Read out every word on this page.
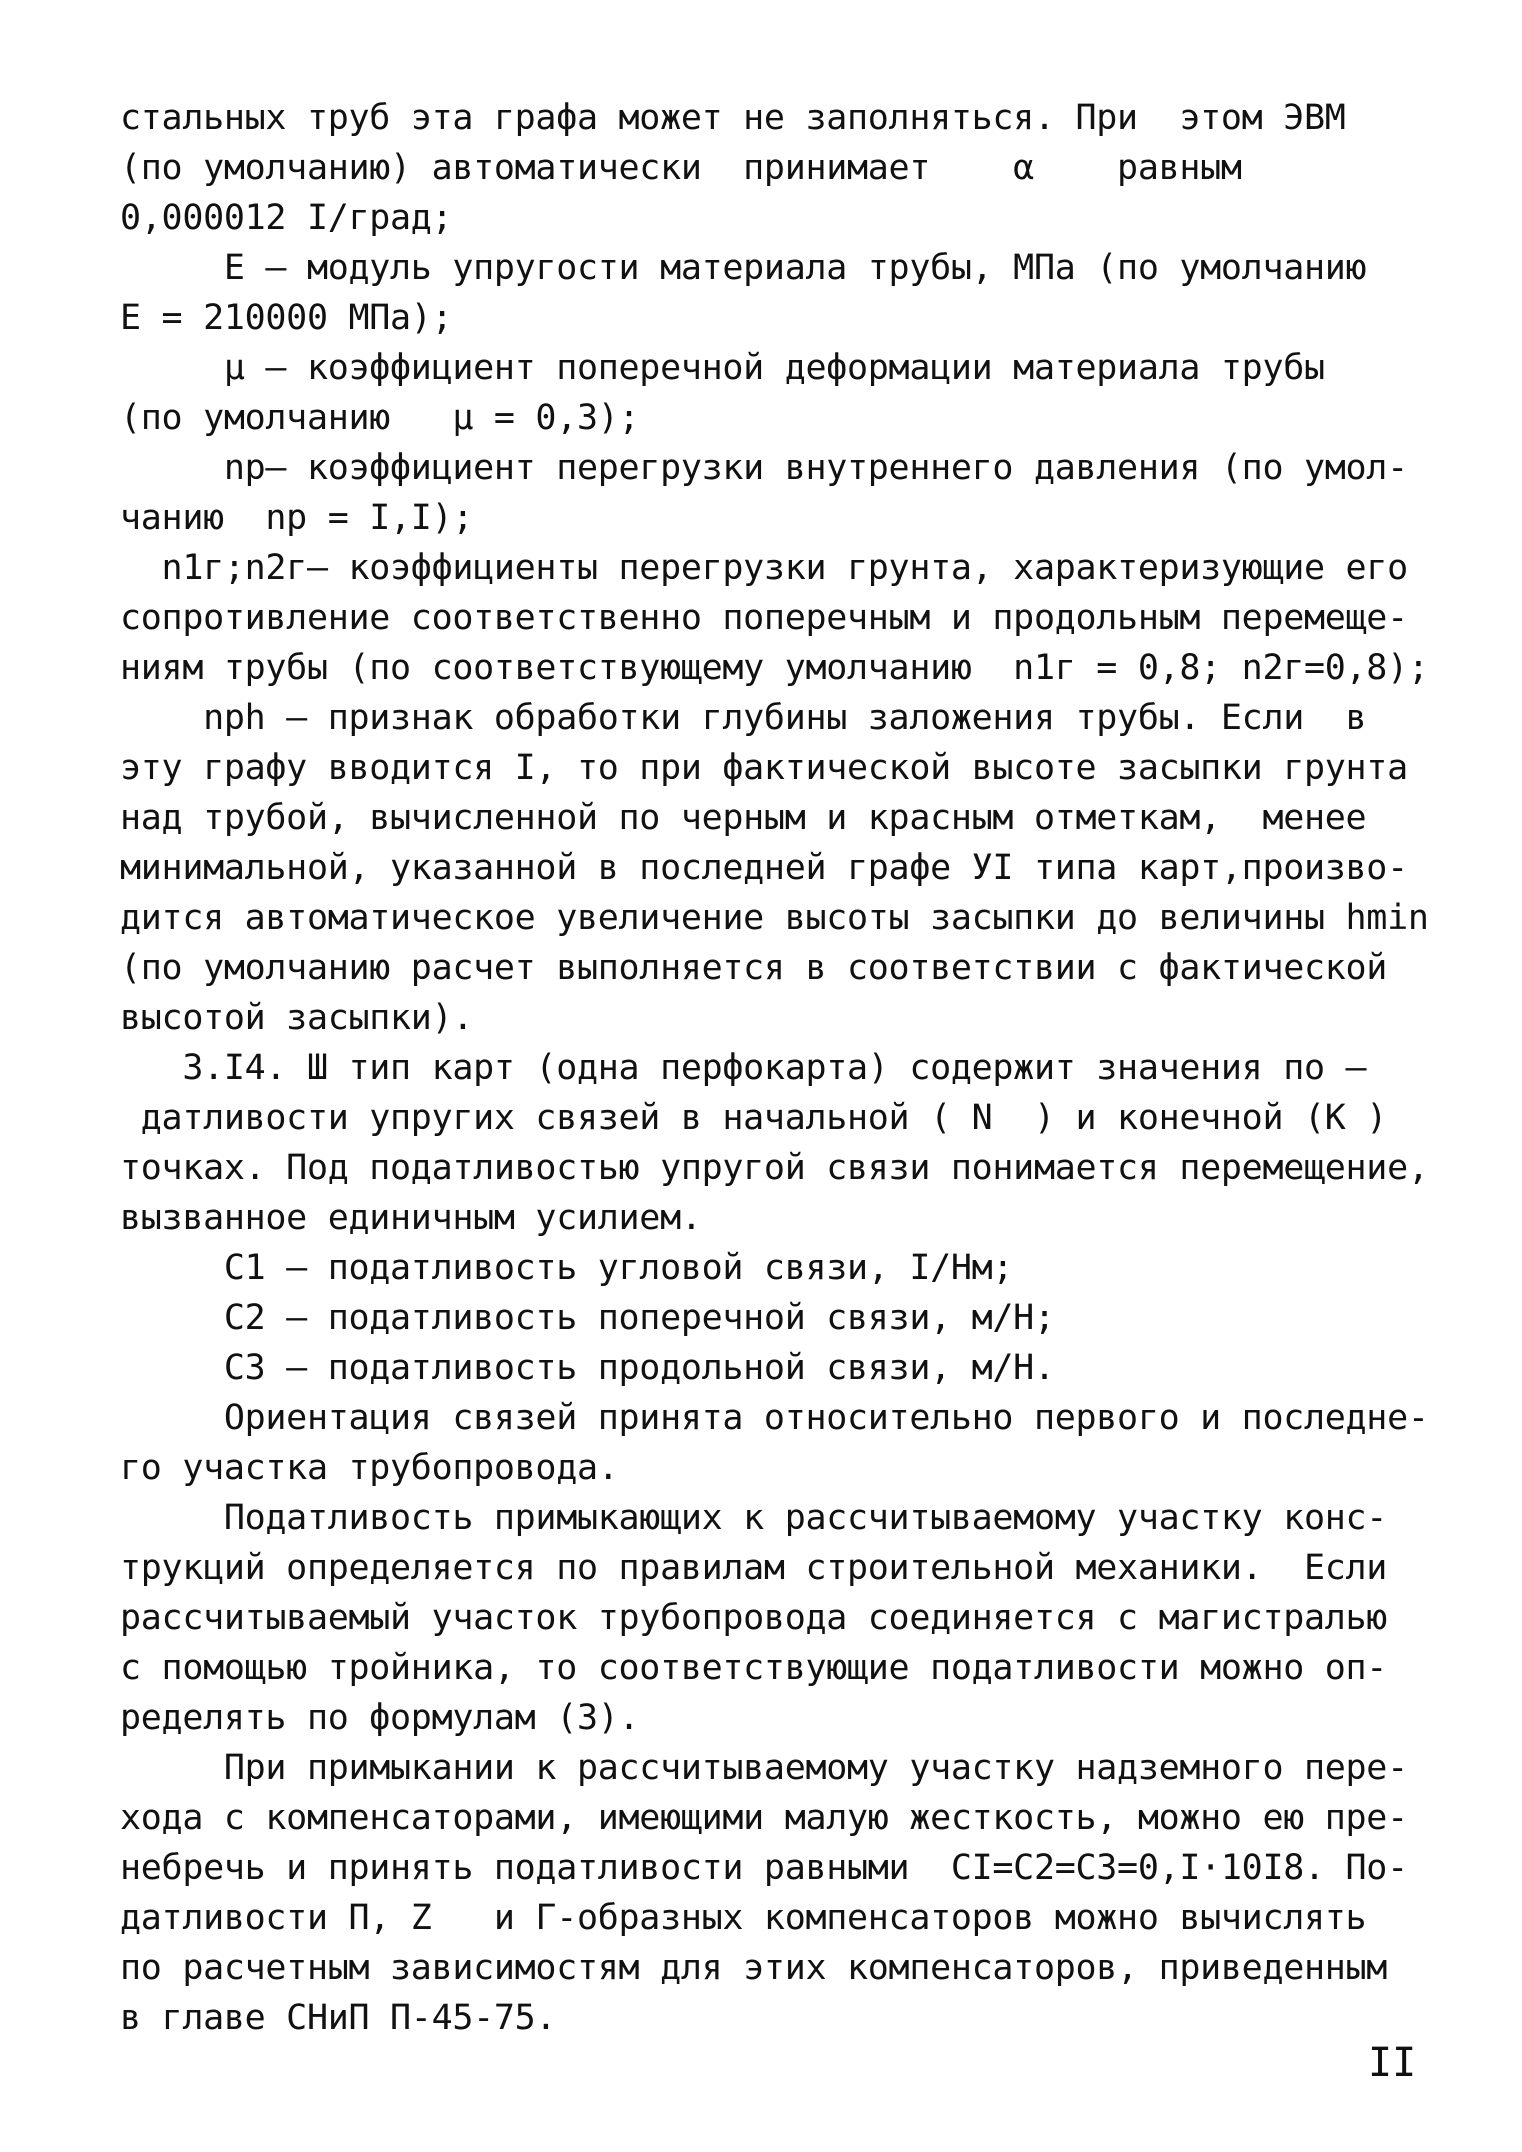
стальных труб эта графа может не заполняться. При  этом ЭВМ
(по умолчанию) автоматически  принимает    α    равным
0,000012 I/град;
E – модуль упругости материала трубы, МПа (по умолчанию
E = 210000 МПа);
μ – коэффициент поперечной деформации материала трубы
(по умолчанию   μ = 0,3);
nр– коэффициент перегрузки внутреннего давления (по умол-
чанию  nр = I,I);
n1г;n2г– коэффициенты перегрузки грунта, характеризующие его
сопротивление соответственно поперечным и продольным перемеще-
ниям трубы (по соответствующему умолчанию  n1г = 0,8; n2г=0,8);
nрh – признак обработки глубины заложения трубы. Если  в
эту графу вводится I, то при фактической высоте засыпки грунта
над трубой, вычисленной по черным и красным отметкам,  менее
минимальной, указанной в последней графе УI типа карт,произво-
дится автоматическое увеличение высоты засыпки до величины hmin
(по умолчанию расчет выполняется в соответствии с фактической
высотой засыпки).
3.I4. Ш тип карт (одна перфокарта) содержит значения по –
датливости упругих связей в начальной ( N  ) и конечной (К )
точках. Под податливостью упругой связи понимается перемещение,
вызванное единичным усилием.
C1 – податливость угловой связи, I/Нм;
C2 – податливость поперечной связи, м/Н;
C3 – податливость продольной связи, м/Н.
Ориентация связей принята относительно первого и последне-
го участка трубопровода.
Податливость примыкающих к рассчитываемому участку конс-
трукций определяется по правилам строительной механики.  Если
рассчитываемый участок трубопровода соединяется с магистралью
с помощью тройника, то соответствующие податливости можно оп-
ределять по формулам (3).
При примыкании к рассчитываемому участку надземного пере-
хода с компенсаторами, имеющими малую жесткость, можно ею пре-
небречь и принять податливости равными  CI=C2=C3=0,I·10I8. По-
датливости П, Z   и Г-образных компенсаторов можно вычислять
по расчетным зависимостям для этих компенсаторов, приведенным
в главе СНиП П-45-75.
II
